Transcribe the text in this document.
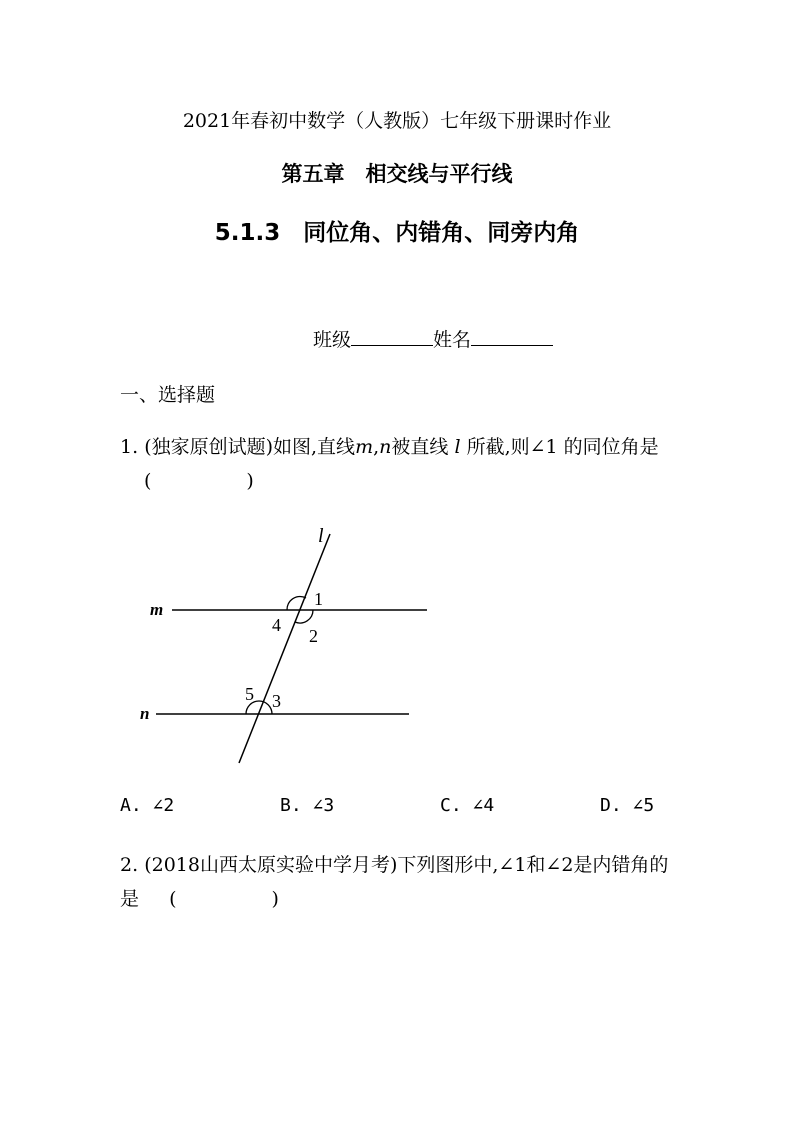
2021年春初中数学（人教版）七年级下册课时作业
第五章　相交线与平行线
5.1.3　同位角、内错角、同旁内角
班级	姓名
一、选择题
1. (独家原创试题)如图,直线m,n被直线 l 所截,则∠1 的同位角是 (　　　　　)
l
m
n
1
2
4
5 3
A. ∠2	B. ∠3	C. ∠4	D. ∠5
2. (2018山西太原实验中学月考)下列图形中,∠1和∠2是内错角的是 (　　　　　)
